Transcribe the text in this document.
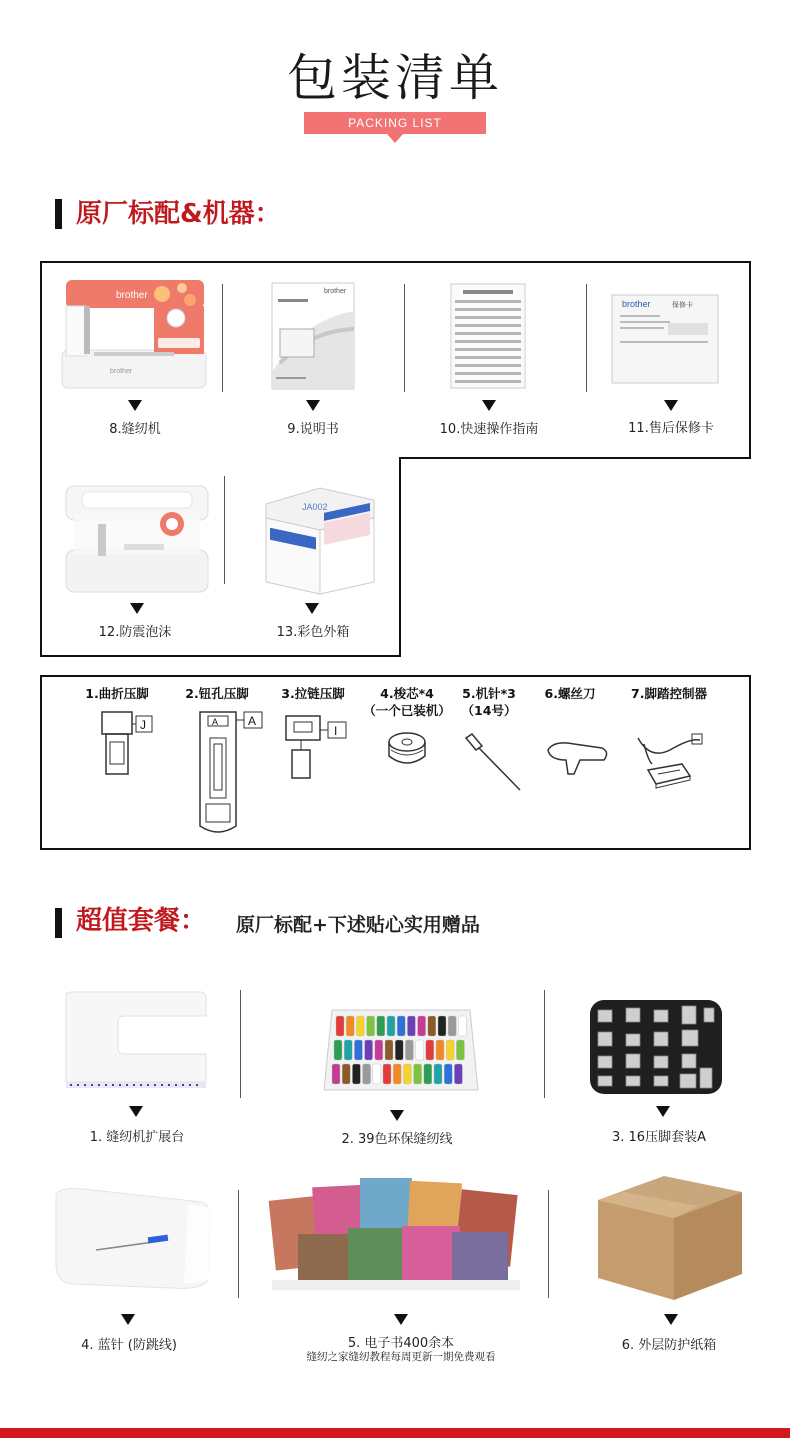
包装清单
PACKING LIST
原厂标配&机器：
brother
brother
8.缝纫机
brother
9.说明书	10.快速操作指南
brother	保修卡
11.售后保修卡
12.防震泡沫
JA002
13.彩色外箱
1.曲折压脚	2.钮孔压脚	3.拉链压脚	4.梭芯*4
（一个已装机）
5.机针*3
（14号）
6.螺丝刀	7.脚踏控制器
J	A A
I
超值套餐： 原厂标配+下述贴心实用赠品
1. 缝纫机扩展台	2. 39色环保缝纫线	3. 16压脚套装A
4. 蓝针 (防跳线)	5. 电子书400余本
缝纫之家缝纫教程每周更新一期免费观看
6. 外层防护纸箱
